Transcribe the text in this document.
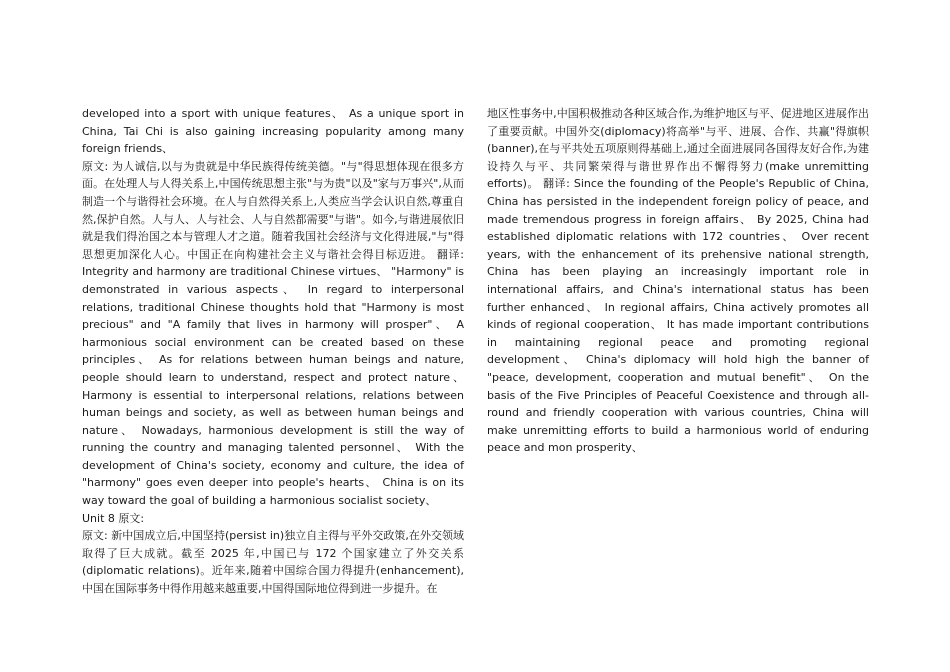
developed into a sport with unique features、 As a unique sport in China, Tai Chi is also gaining increasing popularity among many foreign friends、

原文: 为人诚信,以与为贵就是中华民族得传统美德。"与"得思想体现在很多方面。在处理人与人得关系上,中国传统思想主张"与为贵"以及"家与万事兴",从而制造一个与谐得社会环境。在人与自然得关系上,人类应当学会认识自然,尊重自然,保护自然。人与人、人与社会、人与自然都需要"与谐"。如今,与谐进展依旧就是我们得治国之本与管理人才之道。随着我国社会经济与文化得进展,"与"得思想更加深化人心。中国正在向构建社会主义与谐社会得目标迈进。 翻译: Integrity and harmony are traditional Chinese virtues、 "Harmony" is demonstrated in various aspects、 In regard to interpersonal relations, traditional Chinese thoughts hold that "Harmony is most precious" and "A family that lives in harmony will prosper"、 A harmonious social environment can be created based on these principles、 As for relations between human beings and nature, people should learn to understand, respect and protect nature、 Harmony is essential to interpersonal relations, relations between human beings and society, as well as between human beings and nature、 Nowadays, harmonious development is still the way of running the country and managing talented personnel、 With the development of China's society, economy and culture, the idea of "harmony" goes even deeper into people's hearts、 China is on its way toward the goal of building a harmonious socialist society、

Unit 8 原文:

原文: 新中国成立后,中国坚持(persist in)独立自主得与平外交政策,在外交领域取得了巨大成就。截至 2025 年,中国已与 172 个国家建立了外交关系(diplomatic relations)。近年来,随着中国综合国力得提升(enhancement),中国在国际事务中得作用越来越重要,中国得国际地位得到进一步提升。在

地区性事务中,中国积极推动各种区域合作,为维护地区与平、促进地区进展作出了重要贡献。中国外交(diplomacy)将高举"与平、进展、合作、共赢"得旗帜(banner),在与平共处五项原则得基础上,通过全面进展同各国得友好合作,为建设持久与平、共同繁荣得与谐世界作出不懈得努力(make unremitting efforts)。 翻译: Since the founding of the People's Republic of China, China has persisted in the independent foreign policy of peace, and made tremendous progress in foreign affairs、 By 2025, China had established diplomatic relations with 172 countries、 Over recent years, with the enhancement of its prehensive national strength, China has been playing an increasingly important role in international affairs, and China's international status has been further enhanced、 In regional affairs, China actively promotes all kinds of regional cooperation、 It has made important contributions in maintaining regional peace and promoting regional development、 China's diplomacy will hold high the banner of "peace, development, cooperation and mutual benefit"、 On the basis of the Five Principles of Peaceful Coexistence and through all-round and friendly cooperation with various countries, China will make unremitting efforts to build a harmonious world of enduring peace and mon prosperity、
